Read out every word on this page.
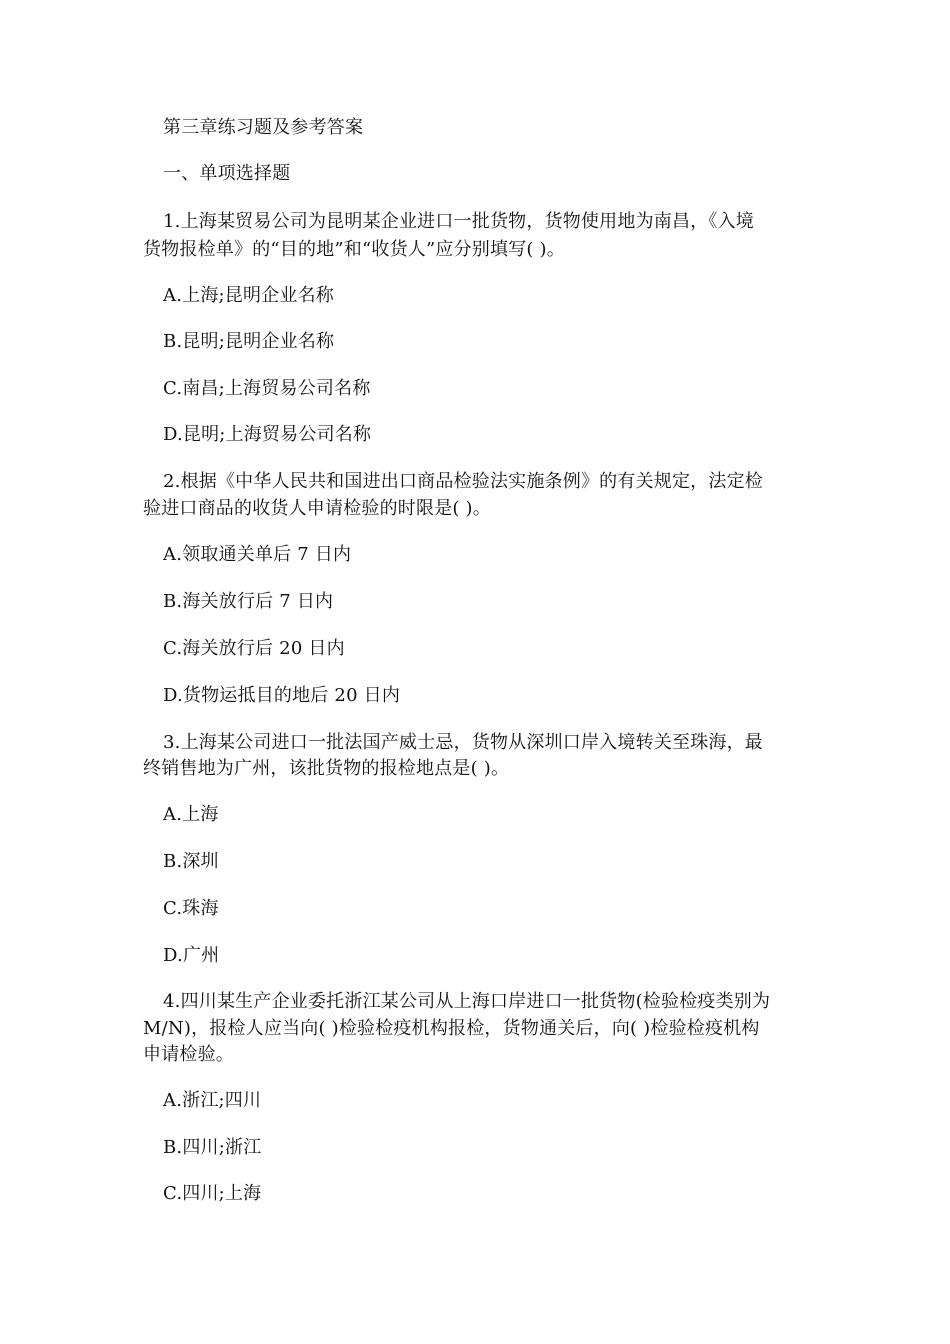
第三章练习题及参考答案
一、单项选择题
1.上海某贸易公司为昆明某企业进口一批货物，货物使用地为南昌，《入境
货物报检单》的“目的地”和“收货人”应分别填写( )。
A.上海;昆明企业名称
B.昆明;昆明企业名称
C.南昌;上海贸易公司名称
D.昆明;上海贸易公司名称
2.根据《中华人民共和国进出口商品检验法实施条例》的有关规定，法定检
验进口商品的收货人申请检验的时限是( )。
A.领取通关单后 7 日内
B.海关放行后 7 日内
C.海关放行后 20 日内
D.货物运抵目的地后 20 日内
3.上海某公司进口一批法国产威士忌，货物从深圳口岸入境转关至珠海，最
终销售地为广州，该批货物的报检地点是( )。
A.上海
B.深圳
C.珠海
D.广州
4.四川某生产企业委托浙江某公司从上海口岸进口一批货物(检验检疫类别为
M/N)，报检人应当向( )检验检疫机构报检，货物通关后，向( )检验检疫机构
申请检验。
A.浙江;四川
B.四川;浙江
C.四川;上海
